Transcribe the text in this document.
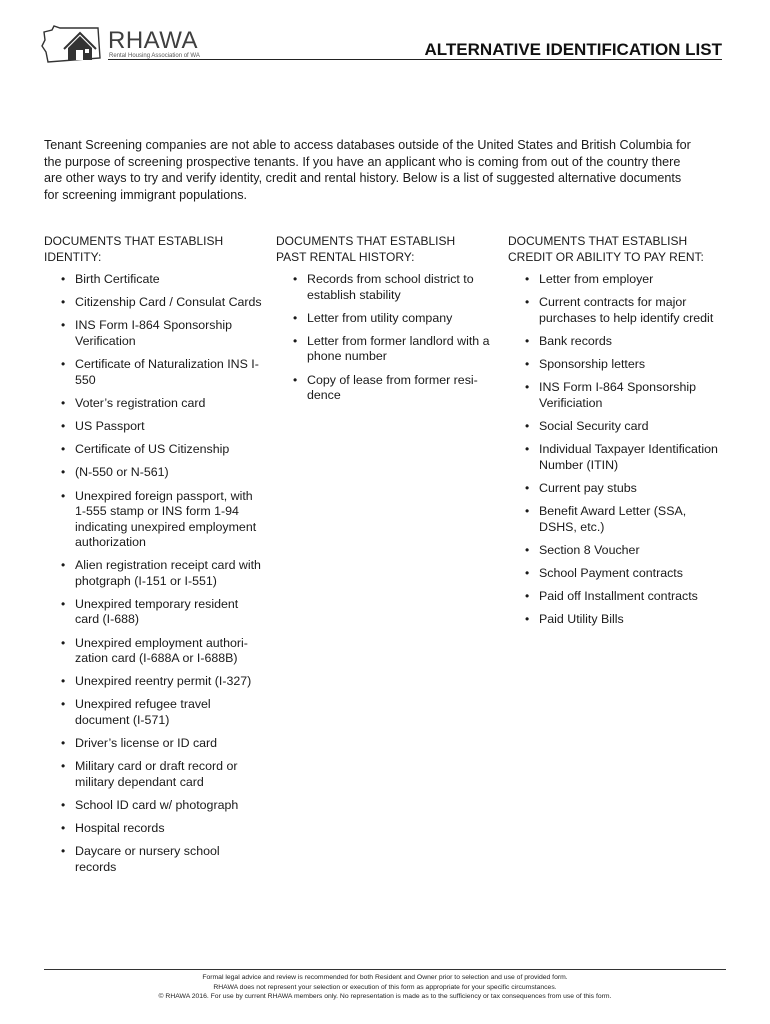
RHAWA
Rental Housing Association of WA	ALTERNATIVE IDENTIFICATION LIST

Tenant Screening companies are not able to access databases outside of the United States and British Columbia for the purpose of screening prospective tenants. If you have an applicant who is coming from out of the country there are other ways to try and verify identity, credit and rental history. Below is a list of suggested alternative documents for screening immigrant populations.

DOCUMENTS THAT ESTABLISH
IDENTITY:

• Birth Certificate
• Citizenship Card / Consulat Cards
• INS Form I-864 Sponsorship Verification
• Certificate of Naturalization INS I-550
• Voter’s registration card
• US Passport
• Certificate of US Citizenship
• (N-550 or N-561)
• Unexpired foreign passport, with 1-555 stamp or INS form 1-94 indicating unexpired employment authorization
• Alien registration receipt card with photgraph (I-151 or I-551)
• Unexpired temporary resident card (I-688)
• Unexpired employment authori-zation card (I-688A or I-688B)
• Unexpired reentry permit (I-327)
• Unexpired refugee travel document (I-571)
• Driver’s license or ID card
• Military card or draft record or military dependant card
• School ID card w/ photograph
• Hospital records
• Daycare or nursery school records

DOCUMENTS THAT ESTABLISH
PAST RENTAL HISTORY:

• Records from school district to establish stability
• Letter from utility company
• Letter from former landlord with a phone number
• Copy of lease from former resi-dence

DOCUMENTS THAT ESTABLISH
CREDIT OR ABILITY TO PAY RENT:

• Letter from employer
• Current contracts for major purchases to help identify credit
• Bank records
• Sponsorship letters
• INS Form I-864 Sponsorship Verificiation
• Social Security card
• Individual Taxpayer Identification Number (ITIN)
• Current pay stubs
• Benefit Award Letter (SSA, DSHS, etc.)
• Section 8 Voucher
• School Payment contracts
• Paid off Installment contracts
• Paid Utility Bills
Formal legal advice and review is recommended for both Resident and Owner prior to selection and use of provided form.
RHAWA does not represent your selection or execution of this form as appropriate for your specific circumstances.
© RHAWA 2016. For use by current RHAWA members only. No representation is made as to the sufficiency or tax consequences from use of this form.
